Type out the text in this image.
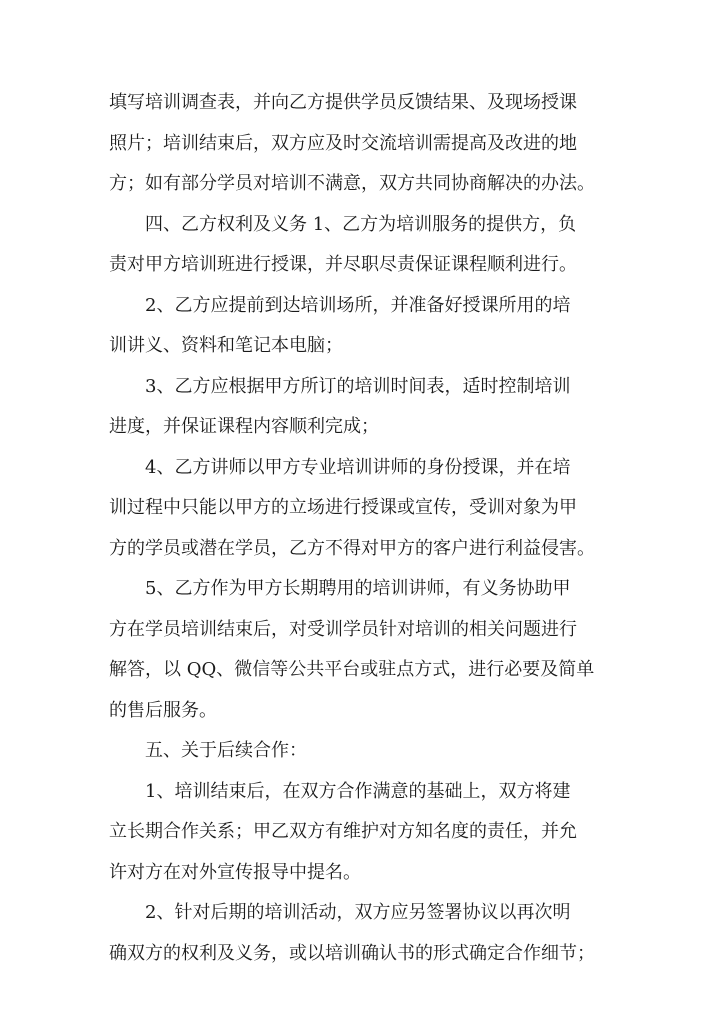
填写培训调查表，并向乙方提供学员反馈结果、及现场授课
照片；培训结束后，双方应及时交流培训需提高及改进的地
方；如有部分学员对培训不满意，双方共同协商解决的办法。
四、乙方权利及义务 1、乙方为培训服务的提供方，负
责对甲方培训班进行授课，并尽职尽责保证课程顺利进行。
2、乙方应提前到达培训场所，并准备好授课所用的培
训讲义、资料和笔记本电脑；
3、乙方应根据甲方所订的培训时间表，适时控制培训
进度，并保证课程内容顺利完成；
4、乙方讲师以甲方专业培训讲师的身份授课，并在培
训过程中只能以甲方的立场进行授课或宣传，受训对象为甲
方的学员或潜在学员，乙方不得对甲方的客户进行利益侵害。
5、乙方作为甲方长期聘用的培训讲师，有义务协助甲
方在学员培训结束后，对受训学员针对培训的相关问题进行
解答，以 QQ、微信等公共平台或驻点方式，进行必要及简单
的售后服务。
五、关于后续合作：
1、培训结束后，在双方合作满意的基础上，双方将建
立长期合作关系；甲乙双方有维护对方知名度的责任，并允
许对方在对外宣传报导中提名。
2、针对后期的培训活动，双方应另签署协议以再次明
确双方的权利及义务，或以培训确认书的形式确定合作细节；
